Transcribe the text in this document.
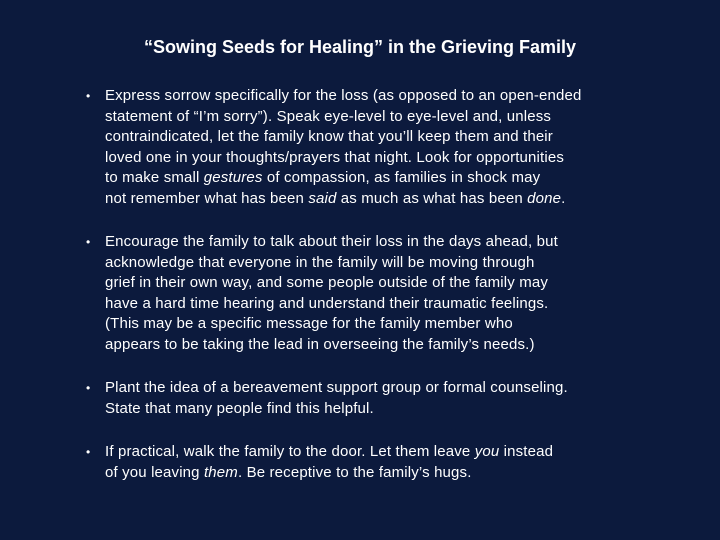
“Sowing Seeds for Healing” in the Grieving Family
• Express sorrow specifically for the loss (as opposed to an open-ended
statement of “I’m sorry”). Speak eye-level to eye-level and, unless
contraindicated, let the family know that you’ll keep them and their
loved one in your thoughts/prayers that night. Look for opportunities
to make small gestures of compassion, as families in shock may
not remember what has been said as much as what has been done.
• Encourage the family to talk about their loss in the days ahead, but
acknowledge that everyone in the family will be moving through
grief in their own way, and some people outside of the family may
have a hard time hearing and understand their traumatic feelings.
(This may be a specific message for the family member who
appears to be taking the lead in overseeing the family’s needs.)
• Plant the idea of a bereavement support group or formal counseling.
State that many people find this helpful.
• If practical, walk the family to the door. Let them leave you instead
of you leaving them. Be receptive to the family’s hugs.
